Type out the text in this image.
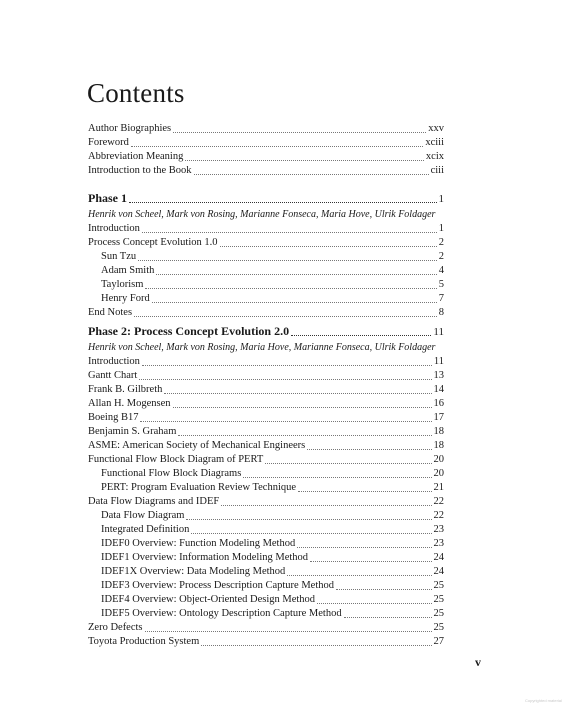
Contents
Author Biographies	xxv
Foreword	xciii
Abbreviation Meaning	xcix
Introduction to the Book	ciii
Phase 1	1
Henrik von Scheel, Mark von Rosing, Marianne Fonseca, Maria Hove, Ulrik Foldager
Introduction	1
Process Concept Evolution 1.0	2
Sun Tzu	2
Adam Smith	4
Taylorism	5
Henry Ford	7
End Notes	8
Phase 2: Process Concept Evolution 2.0	11
Henrik von Scheel, Mark von Rosing, Maria Hove, Marianne Fonseca, Ulrik Foldager
Introduction	11
Gantt Chart	13
Frank B. Gilbreth	14
Allan H. Mogensen	16
Boeing B17	17
Benjamin S. Graham	18
ASME: American Society of Mechanical Engineers	18
Functional Flow Block Diagram of PERT	20
Functional Flow Block Diagrams	20
PERT: Program Evaluation Review Technique	21
Data Flow Diagrams and IDEF	22
Data Flow Diagram	22
Integrated Definition	23
IDEF0 Overview: Function Modeling Method	23
IDEF1 Overview: Information Modeling Method	24
IDEF1X Overview: Data Modeling Method	24
IDEF3 Overview: Process Description Capture Method	25
IDEF4 Overview: Object-Oriented Design Method	25
IDEF5 Overview: Ontology Description Capture Method	25
Zero Defects	25
Toyota Production System	27
v
Copyrighted material
